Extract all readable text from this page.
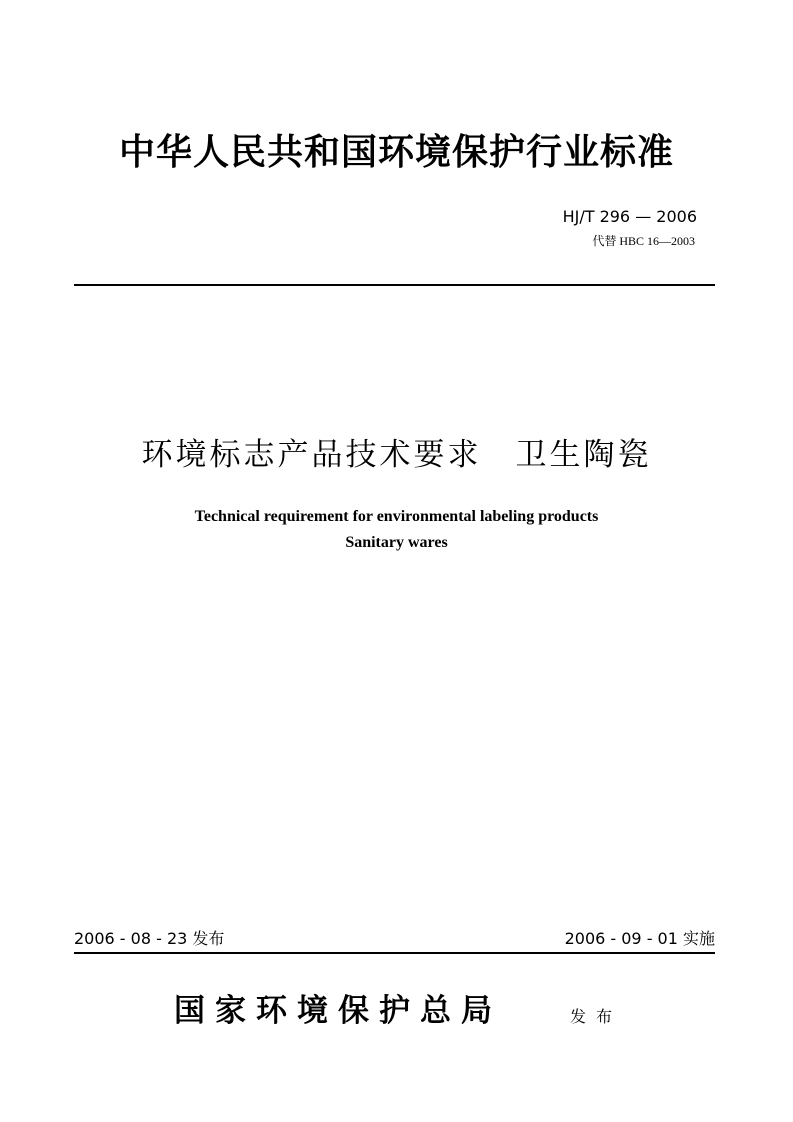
中华人民共和国环境保护行业标准
HJ/T 296 — 2006
代替 HBC 16—2003
环境标志产品技术要求　卫生陶瓷
Technical requirement for environmental labeling products
Sanitary wares
2006 - 08 - 23 发布	2006 - 09 - 01 实施
国家环境保护总局	发布
